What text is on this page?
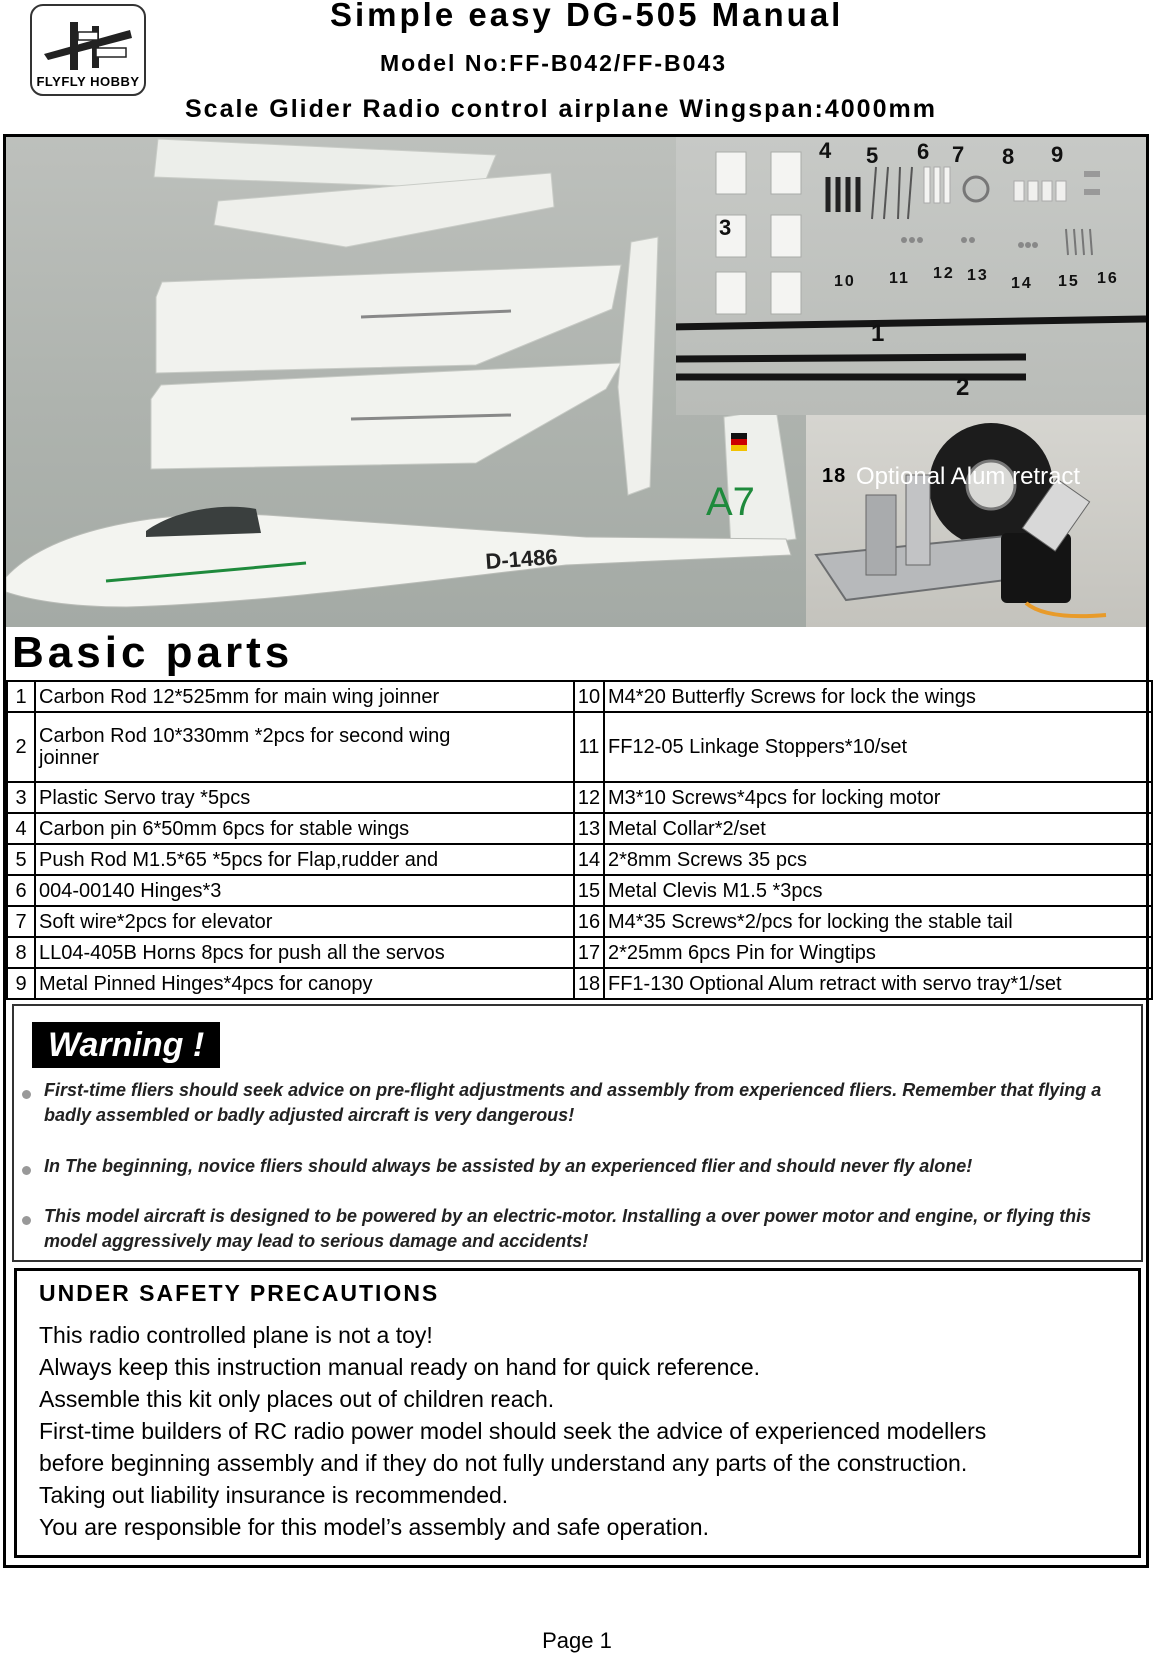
FLYFLY HOBBY
Simple easy DG-505 Manual
Model No:FF-B042/FF-B043
Scale Glider Radio control airplane Wingspan:4000mm
D-1486
A7
4 5 6 7 8 9
3
10 11 12 13 14 15 16
1
2
18 Optional Alum retract
Basic parts
1	Carbon Rod 12*525mm for main wing joinner	10	M4*20 Butterfly Screws for lock the wings
2	Carbon Rod 10*330mm *2pcs for second wing joinner	11	FF12-05 Linkage Stoppers*10/set
3	Plastic Servo tray *5pcs	12	M3*10 Screws*4pcs for locking motor
4	Carbon pin 6*50mm 6pcs for stable wings	13	Metal Collar*2/set
5	Push Rod M1.5*65 *5pcs for Flap,rudder and	14	2*8mm Screws 35 pcs
6	004-00140 Hinges*3	15	Metal Clevis M1.5 *3pcs
7	Soft wire*2pcs for elevator	16	M4*35 Screws*2/pcs for locking the stable tail
8	LL04-405B Horns 8pcs for push all the servos	17	2*25mm 6pcs Pin for Wingtips
9	Metal Pinned Hinges*4pcs for canopy	18	FF1-130 Optional Alum retract with servo tray*1/set
Warning !
First-time fliers should seek advice on pre-flight adjustments and assembly from experienced fliers. Remember that flying a badly assembled or badly adjusted aircraft is very dangerous!
In The beginning, novice fliers should always be assisted by an experienced flier and should never fly alone!
This model aircraft is designed to be powered by an electric-motor. Installing a over power motor and engine, or flying this model aggressively may lead to serious damage and accidents!
UNDER SAFETY PRECAUTIONS
This radio controlled plane is not a toy!
Always keep this instruction manual ready on hand for quick reference.
Assemble this kit only places out of children reach.
First-time builders of RC radio power model should seek the advice of experienced modellers
before beginning assembly and if they do not fully understand any parts of the construction.
Taking out liability insurance is recommended.
You are responsible for this model’s assembly and safe operation.
Page 1
